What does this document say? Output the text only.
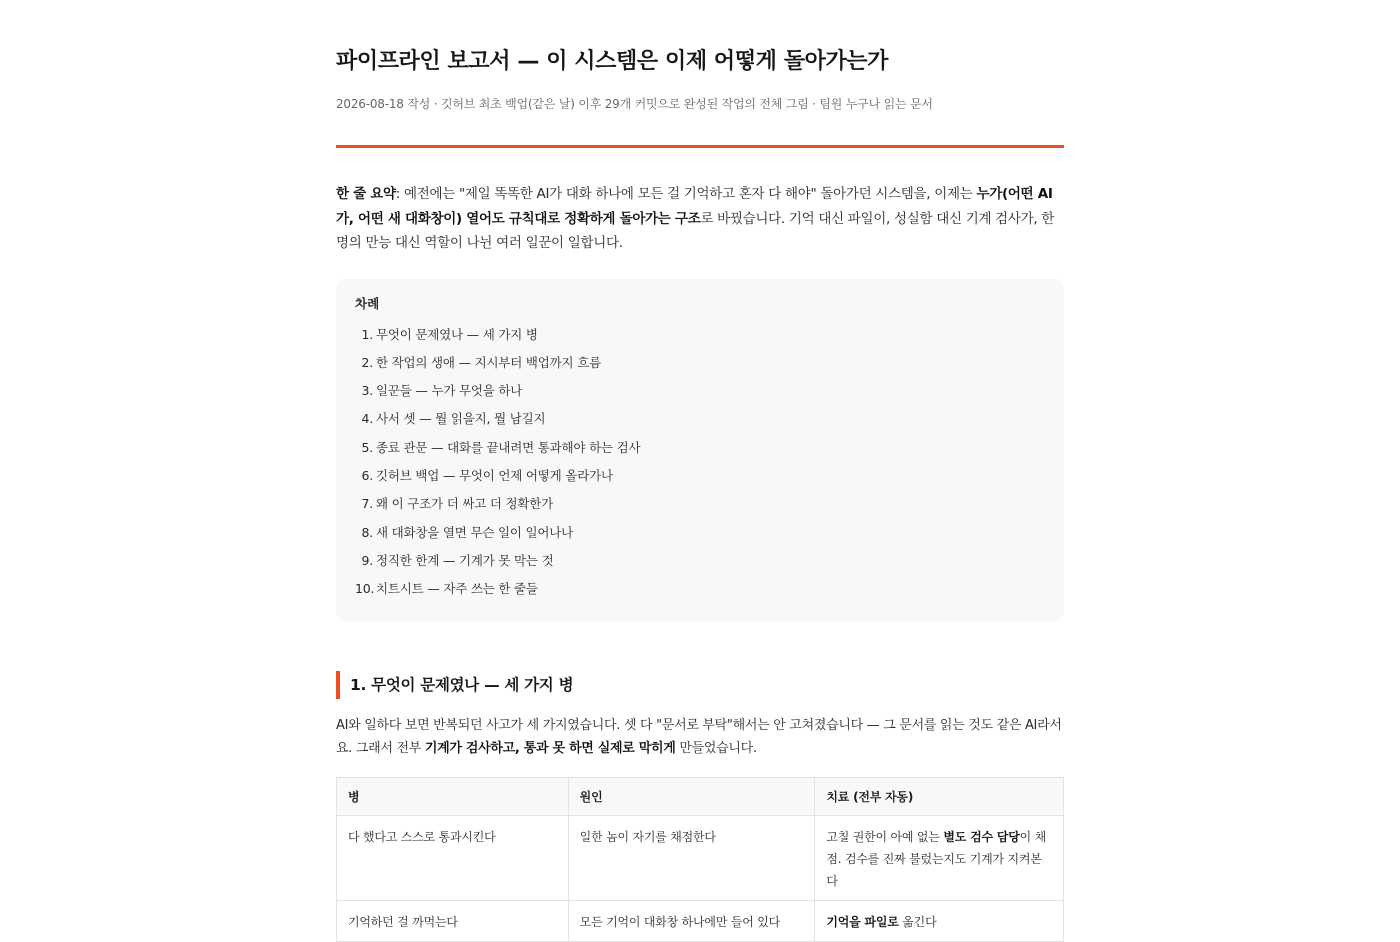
파이프라인 보고서 — 이 시스템은 이제 어떻게 돌아가는가
2026-08-18 작성 · 깃허브 최초 백업(같은 날) 이후 29개 커밋으로 완성된 작업의 전체 그림 · 팀원 누구나 읽는 문서

한 줄 요약: 예전에는 "제일 똑똑한 AI가 대화 하나에 모든 걸 기억하고 혼자 다 해야" 돌아가던 시스템을, 이제는 누가(어떤 AI가, 어떤 새 대화창이) 열어도 규칙대로 정확하게 돌아가는 구조로 바꿨습니다. 기억 대신 파일이, 성실함 대신 기계 검사가, 한 명의 만능 대신 역할이 나뉜 여러 일꾼이 일합니다.

차례
1. 무엇이 문제였나 — 세 가지 병
2. 한 작업의 생애 — 지시부터 백업까지 흐름
3. 일꾼들 — 누가 무엇을 하나
4. 사서 셋 — 뭘 읽을지, 뭘 남길지
5. 종료 관문 — 대화를 끝내려면 통과해야 하는 검사
6. 깃허브 백업 — 무엇이 언제 어떻게 올라가나
7. 왜 이 구조가 더 싸고 더 정확한가
8. 새 대화창을 열면 무슨 일이 일어나나
9. 정직한 한계 — 기계가 못 막는 것
10. 치트시트 — 자주 쓰는 한 줄들
1. 무엇이 문제였나 — 세 가지 병

AI와 일하다 보면 반복되던 사고가 세 가지였습니다. 셋 다 "문서로 부탁"해서는 안 고쳐졌습니다 — 그 문서를 읽는 것도 같은 AI라서요. 그래서 전부 기계가 검사하고, 통과 못 하면 실제로 막히게 만들었습니다.

병	원인	치료 (전부 자동)
다 했다고 스스로 통과시킨다	일한 놈이 자기를 채점한다	고칠 권한이 아예 없는 별도 검수 담당이 채점. 검수를 진짜 불렀는지도 기계가 지켜본다
기억하던 걸 까먹는다	모든 기억이 대화창 하나에만 들어 있다	기억을 파일로 옮긴다
